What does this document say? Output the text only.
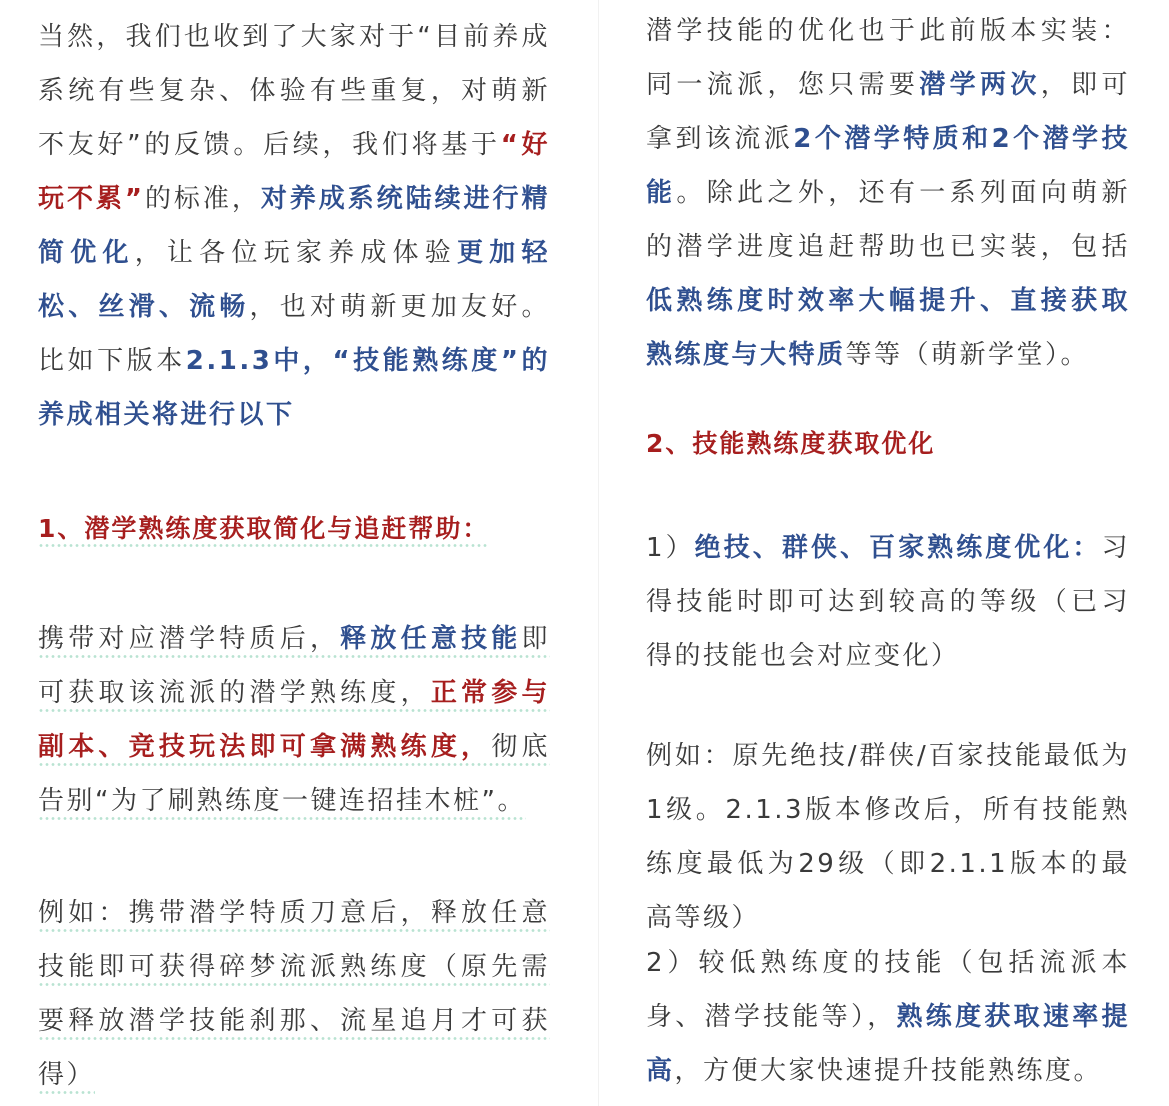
当然，我们也收到了大家对于“目前养成系统有些复杂、体验有些重复，对萌新不友好”的反馈。后续，我们将基于“好玩不累”的标准，对养成系统陆续进行精简优化，让各位玩家养成体验更加轻松、丝滑、流畅，也对萌新更加友好。比如下版本2.1.3中，“技能熟练度”的养成相关将进行以下
1、潜学熟练度获取简化与追赶帮助：
携带对应潜学特质后，释放任意技能即可获取该流派的潜学熟练度，正常参与副本、竞技玩法即可拿满熟练度，彻底告别“为了刷熟练度一键连招挂木桩”。
例如：携带潜学特质刀意后，释放任意技能即可获得碎梦流派熟练度（原先需要释放潜学技能刹那、流星追月才可获得）
潜学技能的优化也于此前版本实装：同一流派，您只需要潜学两次，即可拿到该流派2个潜学特质和2个潜学技能。除此之外，还有一系列面向萌新的潜学进度追赶帮助也已实装，包括低熟练度时效率大幅提升、直接获取熟练度与大特质等等（萌新学堂）。
2、技能熟练度获取优化
1）绝技、群侠、百家熟练度优化：习得技能时即可达到较高的等级（已习得的技能也会对应变化）
例如：原先绝技/群侠/百家技能最低为1级。2.1.3版本修改后，所有技能熟练度最低为29级（即2.1.1版本的最高等级）
2）较低熟练度的技能（包括流派本身、潜学技能等），熟练度获取速率提高，方便大家快速提升技能熟练度。
